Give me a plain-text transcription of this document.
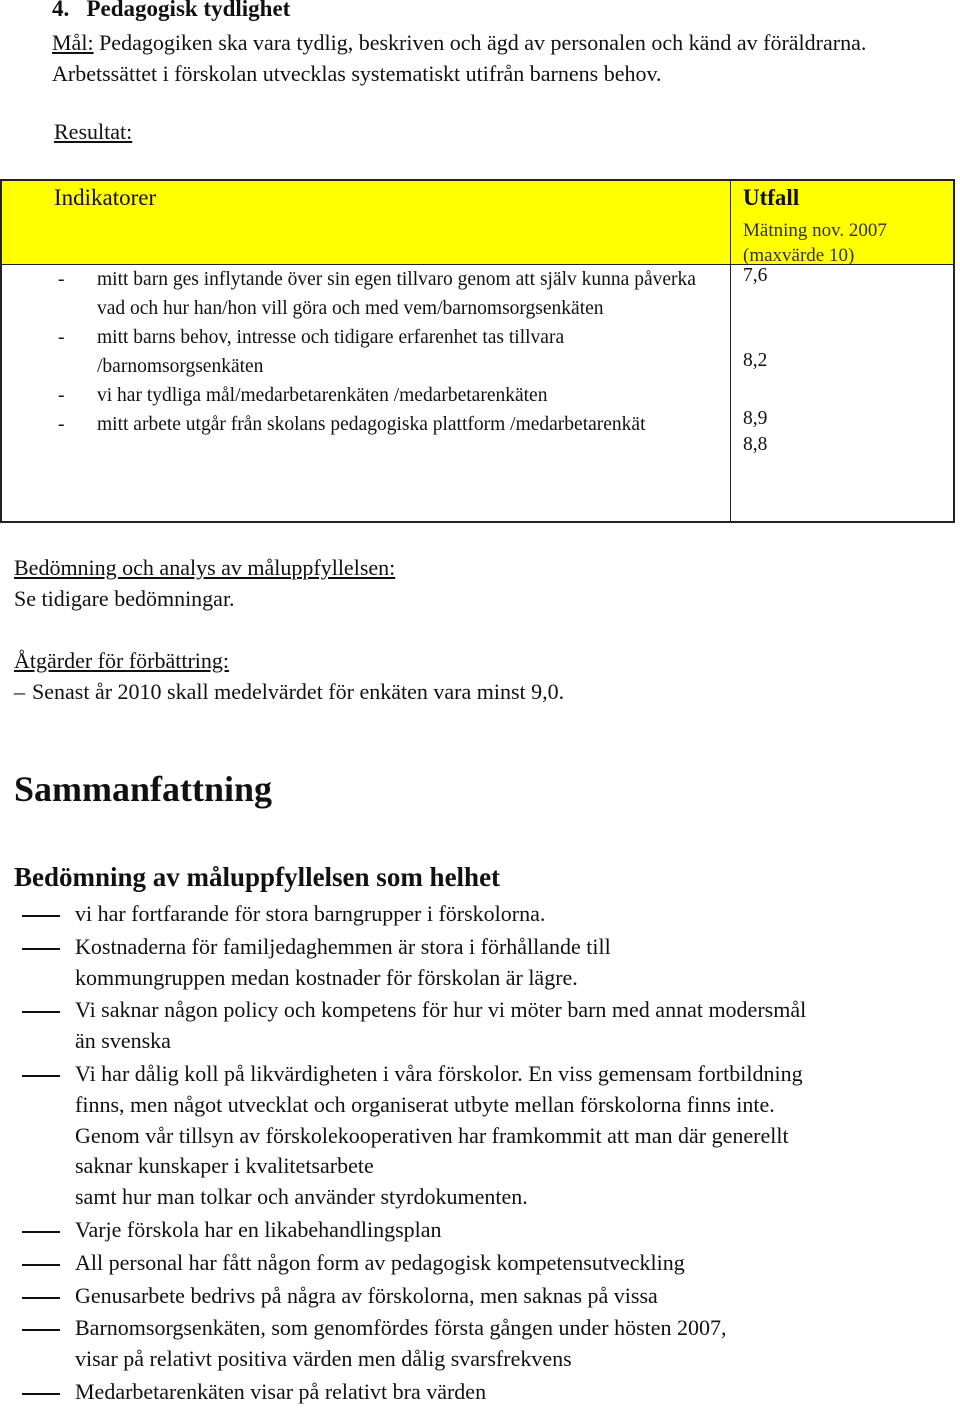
4. Pedagogisk tydlighet

Mål: Pedagogiken ska vara tydlig, beskriven och ägd av personalen och känd av föräldrarna. Arbetssättet i förskolan utvecklas systematiskt utifrån barnens behov.

Resultat:

Indikatorer	Utfall
Mätning nov. 2007
(maxvärde 10)
- mitt barn ges inflytande över sin egen tillvaro genom att själv kunna påverka vad och hur han/hon vill göra och med vem/barnomsorgsenkäten
- mitt barns behov, intresse och tidigare erfarenhet tas tillvara /barnomsorgsenkäten
- vi har tydliga mål/medarbetarenkäten /medarbetarenkäten
- mitt arbete utgår från skolans pedagogiska plattform /medarbetarenkät
7,6
8,2
8,9
8,8

Bedömning och analys av måluppfyllelsen:

Se tidigare bedömningar.

Åtgärder för förbättring:

– Senast år 2010 skall medelvärdet för enkäten vara minst 9,0.

Sammanfattning
Bedömning av måluppfyllelsen som helhet
vi har fortfarande för stora barngrupper i förskolorna.
Kostnaderna för familjedaghemmen är stora i förhållande till
kommungruppen medan kostnader för förskolan är lägre.
Vi saknar någon policy och kompetens för hur vi möter barn med annat modersmål
än svenska
Vi har dålig koll på likvärdigheten i våra förskolor. En viss gemensam fortbildning
finns, men något utvecklat och organiserat utbyte mellan förskolorna finns inte.
Genom vår tillsyn av förskolekooperativen har framkommit att man där generellt
saknar kunskaper i kvalitetsarbete
samt hur man tolkar och använder styrdokumenten.
Varje förskola har en likabehandlingsplan
All personal har fått någon form av pedagogisk kompetensutveckling
Genusarbete bedrivs på några av förskolorna, men saknas på vissa
Barnomsorgsenkäten, som genomfördes första gången under hösten 2007,
visar på relativt positiva värden men dålig svarsfrekvens
Medarbetarenkäten visar på relativt bra värden
